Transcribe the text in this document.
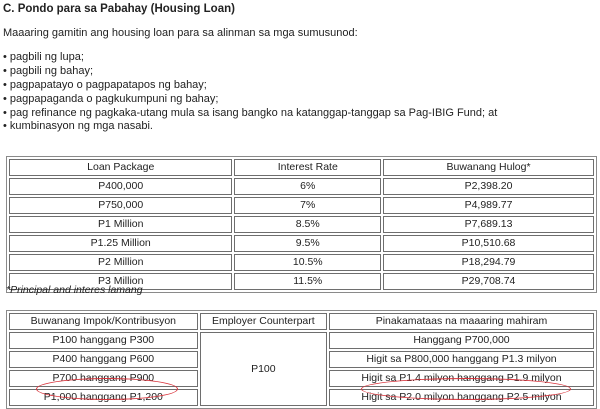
C. Pondo para sa Pabahay (Housing Loan)
Maaaring gamitin ang housing loan para sa alinman sa mga sumusunod:
• pagbili ng lupa;
• pagbili ng bahay;
• pagpapatayo o pagpapatapos ng bahay;
• pagpapaganda o pagkukumpuni ng bahay;
• pag refinance ng pagkaka-utang mula sa isang bangko na katanggap-tanggap sa Pag-IBIG Fund; at
• kumbinasyon ng mga nasabi.
Loan Package	Interest Rate	Buwanang Hulog*
P400,000	6%	P2,398.20
P750,000	7%	P4,989.77
P1 Million	8.5%	P7,689.13
P1.25 Million	9.5%	P10,510.68
P2 Million	10.5%	P18,294.79
P3 Million	11.5%	P29,708.74
*Principal and interes lamang
Buwanang Impok/Kontribusyon	Employer Counterpart	Pinakamataas na maaaring mahiram
P100 hanggang P300	P100	Hanggang P700,000
P400 hanggang P600		Higit sa P800,000 hanggang P1.3 milyon
P700 hanggang P900		Higit sa P1.4 milyon hanggang P1.9 milyon
P1,000 hanggang P1,200		Higit sa P2.0 milyon hanggang P2.5 milyon
